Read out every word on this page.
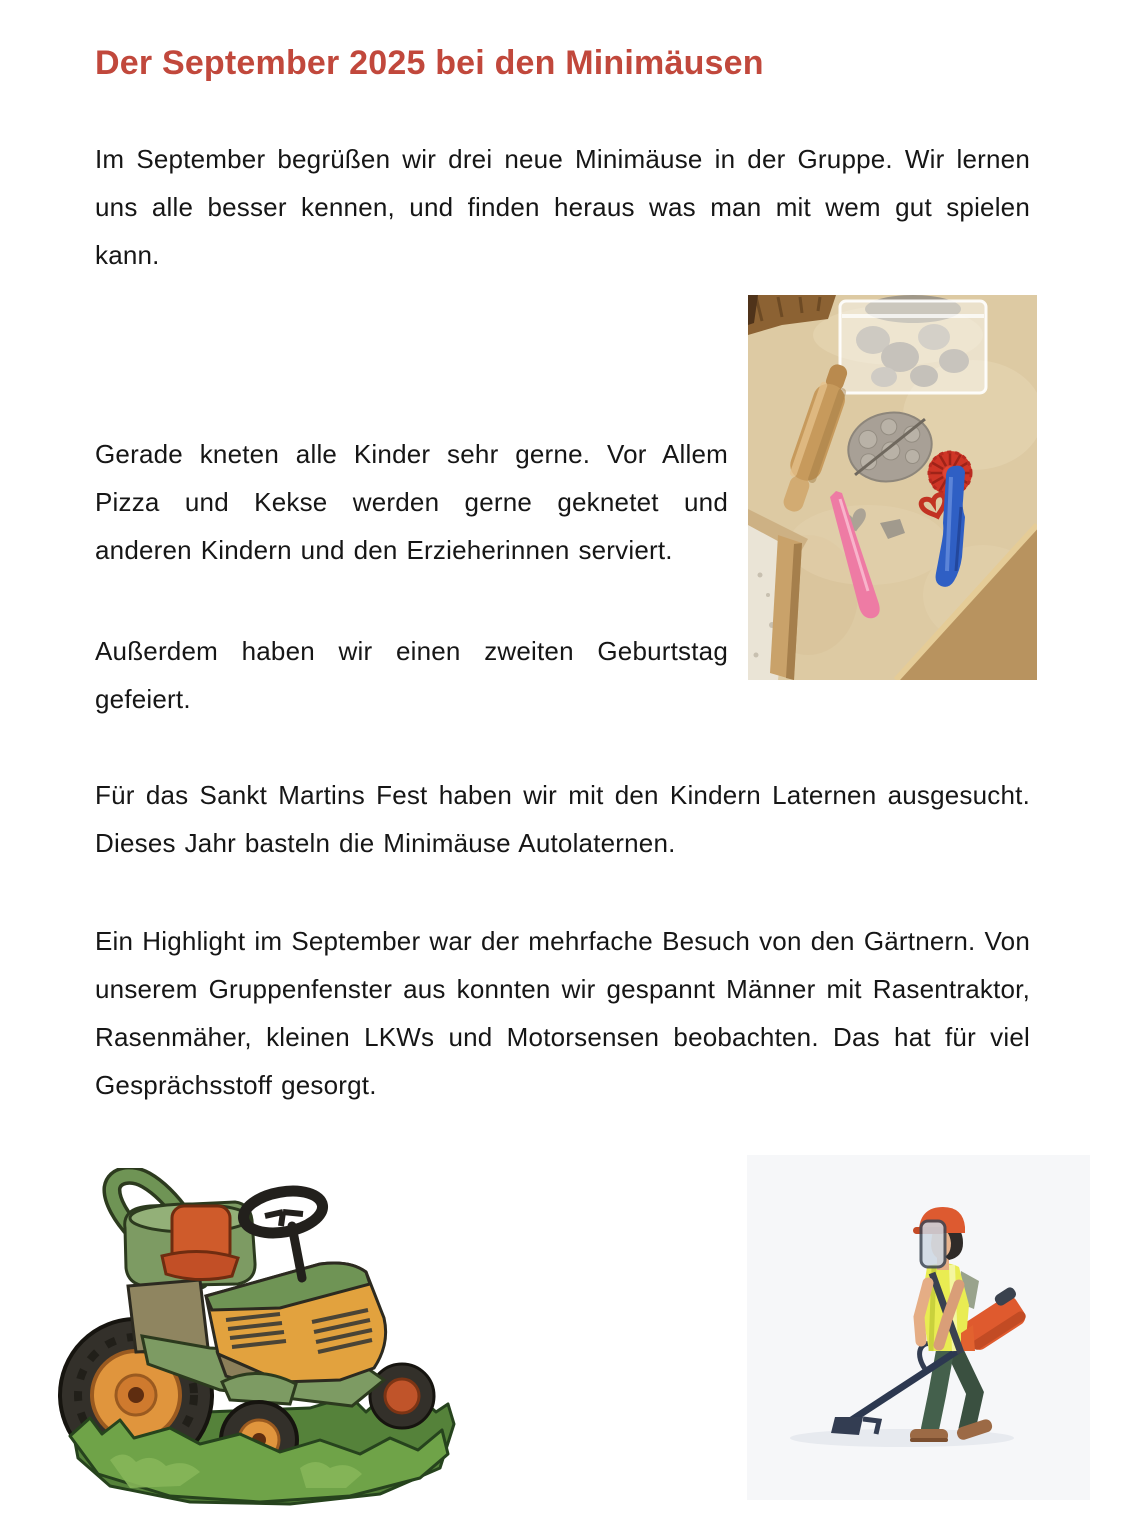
Der September 2025 bei den Minimäusen

Im September begrüßen wir drei neue Minimäuse in der Gruppe. Wir lernen uns alle besser kennen, und finden heraus was man mit wem gut spielen kann.

Gerade kneten alle Kinder sehr gerne. Vor Allem Pizza und Kekse werden gerne geknetet und anderen Kindern und den Erzieherinnen serviert.

Außerdem haben wir einen zweiten Geburtstag gefeiert.

Für das Sankt Martins Fest haben wir mit den Kindern Laternen ausgesucht. Dieses Jahr basteln die Minimäuse Autolaternen.

Ein Highlight im September war der mehrfache Besuch von den Gärtnern. Von unserem Gruppenfenster aus konnten wir gespannt Männer mit Rasentraktor, Rasenmäher, kleinen LKWs und Motorsensen beobachten. Das hat für viel Gesprächsstoff gesorgt.
